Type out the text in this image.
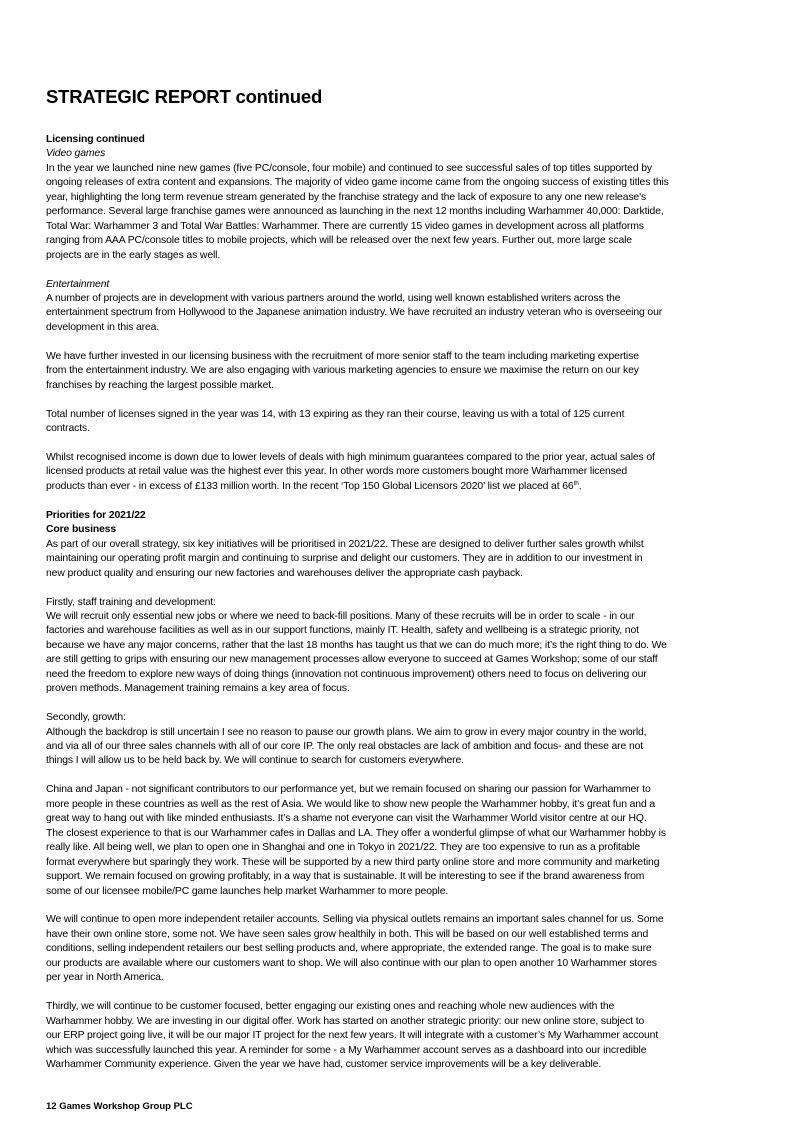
STRATEGIC REPORT continued
Licensing continued
Video games
In the year we launched nine new games (five PC/console, four mobile) and continued to see successful sales of top titles supported by
ongoing releases of extra content and expansions. The majority of video game income came from the ongoing success of existing titles this
year, highlighting the long term revenue stream generated by the franchise strategy and the lack of exposure to any one new release's
performance. Several large franchise games were announced as launching in the next 12 months including Warhammer 40,000: Darktide,
Total War: Warhammer 3 and Total War Battles: Warhammer. There are currently 15 video games in development across all platforms
ranging from AAA PC/console titles to mobile projects, which will be released over the next few years. Further out, more large scale
projects are in the early stages as well.
Entertainment
A number of projects are in development with various partners around the world, using well known established writers across the
entertainment spectrum from Hollywood to the Japanese animation industry. We have recruited an industry veteran who is overseeing our
development in this area.
We have further invested in our licensing business with the recruitment of more senior staff to the team including marketing expertise
from the entertainment industry. We are also engaging with various marketing agencies to ensure we maximise the return on our key
franchises by reaching the largest possible market.
Total number of licenses signed in the year was 14, with 13 expiring as they ran their course, leaving us with a total of 125 current
contracts.
Whilst recognised income is down due to lower levels of deals with high minimum guarantees compared to the prior year, actual sales of
licensed products at retail value was the highest ever this year. In other words more customers bought more Warhammer licensed
products than ever - in excess of £133 million worth. In the recent ‘Top 150 Global Licensors 2020’ list we placed at 66th.
Priorities for 2021/22
Core business
As part of our overall strategy, six key initiatives will be prioritised in 2021/22. These are designed to deliver further sales growth whilst
maintaining our operating profit margin and continuing to surprise and delight our customers. They are in addition to our investment in
new product quality and ensuring our new factories and warehouses deliver the appropriate cash payback.
Firstly, staff training and development:
We will recruit only essential new jobs or where we need to back-fill positions. Many of these recruits will be in order to scale - in our
factories and warehouse facilities as well as in our support functions, mainly IT. Health, safety and wellbeing is a strategic priority, not
because we have any major concerns, rather that the last 18 months has taught us that we can do much more; it’s the right thing to do. We
are still getting to grips with ensuring our new management processes allow everyone to succeed at Games Workshop; some of our staff
need the freedom to explore new ways of doing things (innovation not continuous improvement) others need to focus on delivering our
proven methods. Management training remains a key area of focus.
Secondly, growth:
Although the backdrop is still uncertain I see no reason to pause our growth plans. We aim to grow in every major country in the world,
and via all of our three sales channels with all of our core IP. The only real obstacles are lack of ambition and focus- and these are not
things I will allow us to be held back by. We will continue to search for customers everywhere.
China and Japan - not significant contributors to our performance yet, but we remain focused on sharing our passion for Warhammer to
more people in these countries as well as the rest of Asia. We would like to show new people the Warhammer hobby, it’s great fun and a
great way to hang out with like minded enthusiasts. It’s a shame not everyone can visit the Warhammer World visitor centre at our HQ.
The closest experience to that is our Warhammer cafes in Dallas and LA. They offer a wonderful glimpse of what our Warhammer hobby is
really like. All being well, we plan to open one in Shanghai and one in Tokyo in 2021/22. They are too expensive to run as a profitable
format everywhere but sparingly they work. These will be supported by a new third party online store and more community and marketing
support. We remain focused on growing profitably, in a way that is sustainable. It will be interesting to see if the brand awareness from
some of our licensee mobile/PC game launches help market Warhammer to more people.
We will continue to open more independent retailer accounts. Selling via physical outlets remains an important sales channel for us. Some
have their own online store, some not. We have seen sales grow healthily in both. This will be based on our well established terms and
conditions, selling independent retailers our best selling products and, where appropriate, the extended range. The goal is to make sure
our products are available where our customers want to shop. We will also continue with our plan to open another 10 Warhammer stores
per year in North America.
Thirdly, we will continue to be customer focused, better engaging our existing ones and reaching whole new audiences with the
Warhammer hobby. We are investing in our digital offer. Work has started on another strategic priority: our new online store, subject to
our ERP project going live, it will be our major IT project for the next few years. It will integrate with a customer’s My Warhammer account
which was successfully launched this year. A reminder for some - a My Warhammer account serves as a dashboard into our incredible
Warhammer Community experience. Given the year we have had, customer service improvements will be a key deliverable.
12 Games Workshop Group PLC
